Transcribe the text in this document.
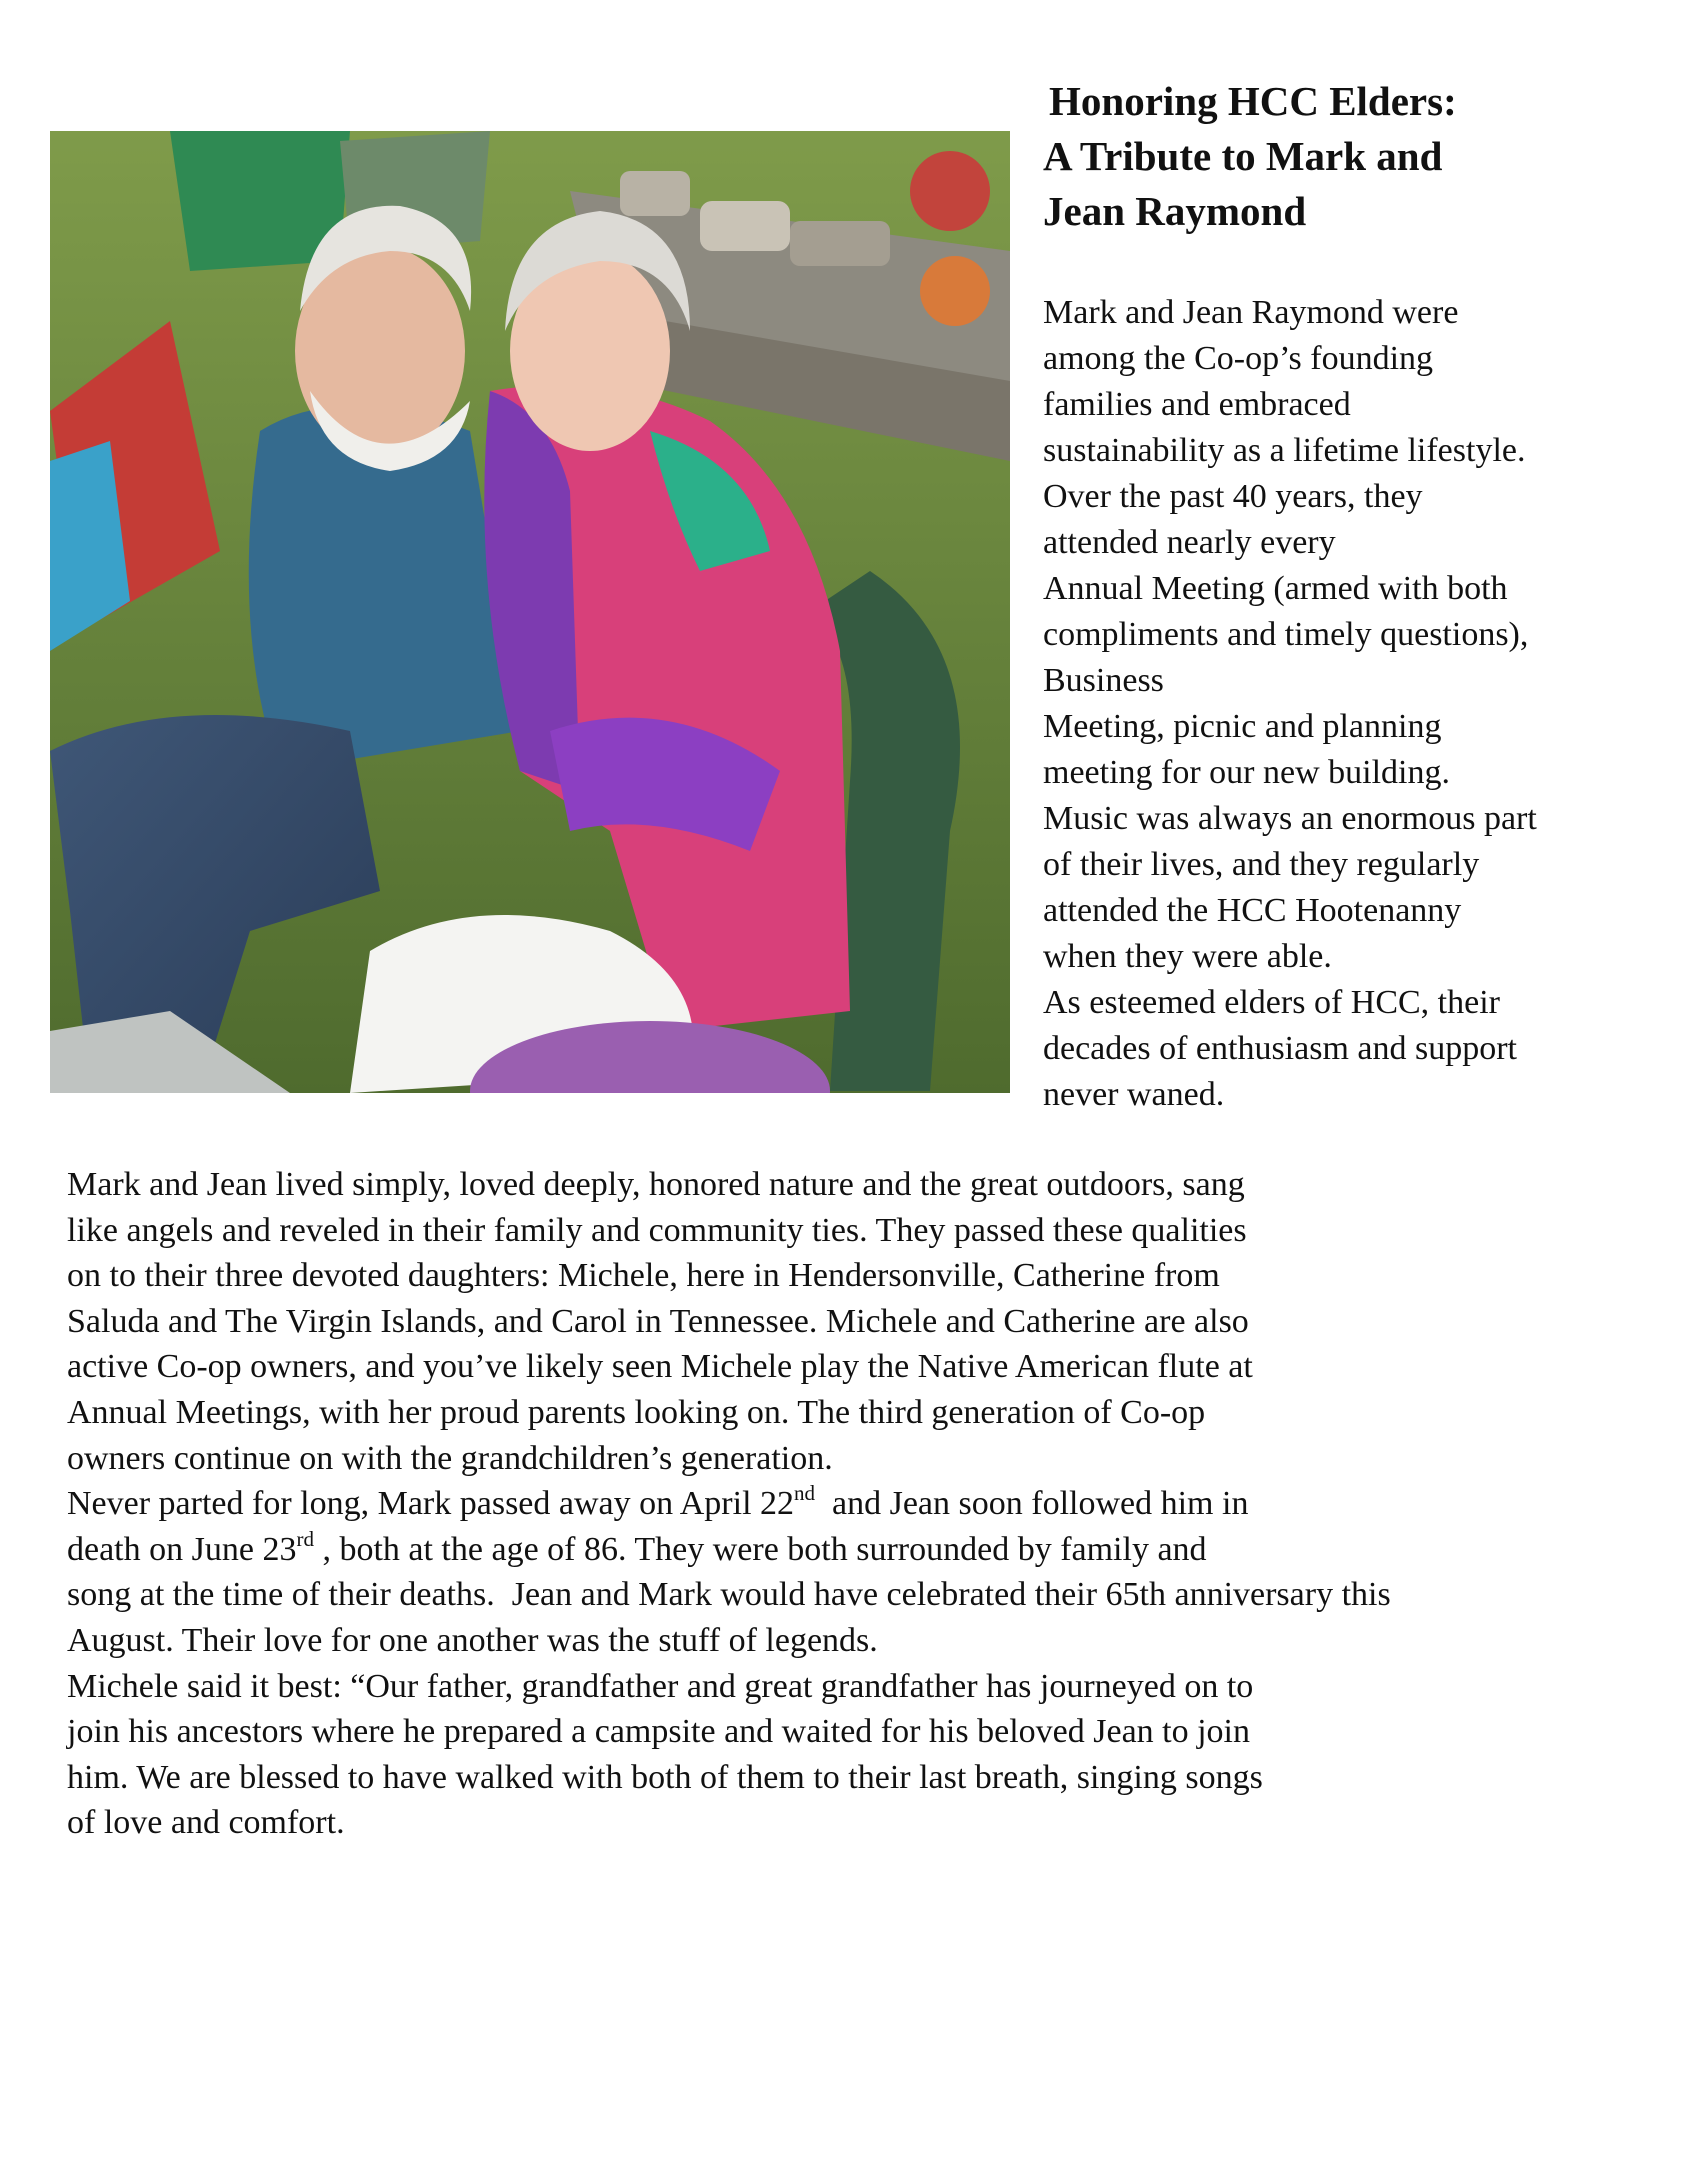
Honoring HCC Elders:
A Tribute to Mark and
Jean Raymond

Mark and Jean Raymond were
among the Co-op’s founding
families and embraced
sustainability as a lifetime lifestyle.
Over the past 40 years, they
attended nearly every
Annual Meeting (armed with both
compliments and timely questions),
Business
Meeting, picnic and planning
meeting for our new building.
Music was always an enormous part
of their lives, and they regularly
attended the HCC Hootenanny
when they were able.
As esteemed elders of HCC, their
decades of enthusiasm and support
never waned.

Mark and Jean lived simply, loved deeply, honored nature and the great outdoors, sang
like angels and reveled in their family and community ties. They passed these qualities
on to their three devoted daughters: Michele, here in Hendersonville, Catherine from
Saluda and The Virgin Islands, and Carol in Tennessee. Michele and Catherine are also
active Co-op owners, and you’ve likely seen Michele play the Native American flute at
Annual Meetings, with her proud parents looking on. The third generation of Co-op
owners continue on with the grandchildren’s generation.
Never parted for long, Mark passed away on April 22nd  and Jean soon followed him in
death on June 23rd , both at the age of 86. They were both surrounded by family and
song at the time of their deaths.  Jean and Mark would have celebrated their 65th anniversary this
August. Their love for one another was the stuff of legends.
Michele said it best: “Our father, grandfather and great grandfather has journeyed on to
join his ancestors where he prepared a campsite and waited for his beloved Jean to join
him. We are blessed to have walked with both of them to their last breath, singing songs
of love and comfort.
